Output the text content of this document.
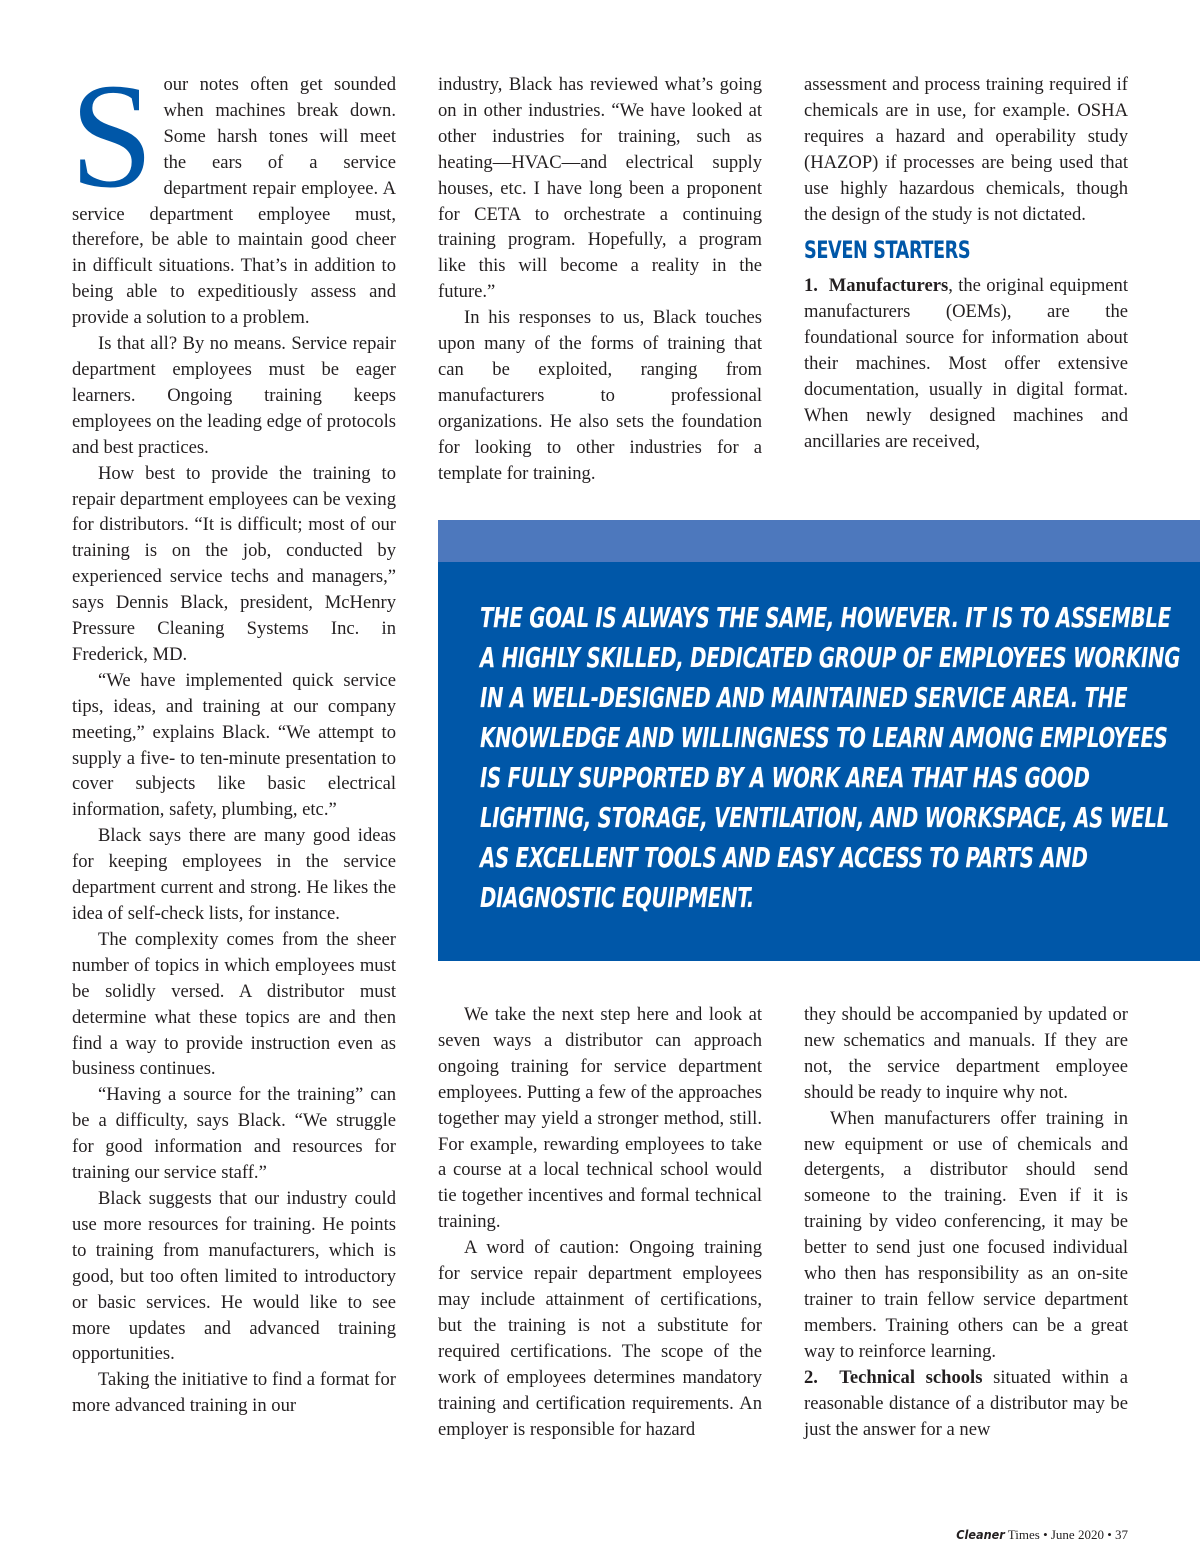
S our notes often get sounded when machines break down. Some harsh tones will meet the ears of a service department repair employee. A service department employee must, therefore, be able to maintain good cheer in difficult situations. That’s in addition to being able to expeditiously assess and provide a solution to a problem.

Is that all? By no means. Service repair department employees must be eager learners. Ongoing training keeps employees on the leading edge of protocols and best practices.

How best to provide the training to repair department employees can be vexing for distributors. “It is difficult; most of our training is on the job, conducted by experienced service techs and managers,” says Dennis Black, president, McHenry Pressure Cleaning Systems Inc. in Frederick, MD.

“We have implemented quick service tips, ideas, and training at our company meeting,” explains Black. “We attempt to supply a five- to ten-minute presentation to cover subjects like basic electrical information, safety, plumbing, etc.”

Black says there are many good ideas for keeping employees in the service department current and strong. He likes the idea of self-check lists, for instance.

The complexity comes from the sheer number of topics in which employees must be solidly versed. A distributor must determine what these topics are and then find a way to provide instruction even as business continues.

“Having a source for the training” can be a difficulty, says Black. “We struggle for good information and resources for training our service staff.”

Black suggests that our industry could use more resources for training. He points to training from manufacturers, which is good, but too often limited to introductory or basic services. He would like to see more updates and advanced training opportunities.

Taking the initiative to find a format for more advanced training in our

industry, Black has reviewed what’s going on in other industries. “We have looked at other industries for training, such as heating—HVAC—and electrical supply houses, etc. I have long been a proponent for CETA to orchestrate a continuing training program. Hopefully, a program like this will become a reality in the future.”

In his responses to us, Black touches upon many of the forms of training that can be exploited, ranging from manufacturers to professional organizations. He also sets the foundation for looking to other industries for a template for training.

assessment and process training required if chemicals are in use, for example. OSHA requires a hazard and operability study (HAZOP) if processes are being used that use highly hazardous chemicals, though the design of the study is not dictated.

SEVEN STARTERS

1. Manufacturers, the original equipment manufacturers (OEMs), are the foundational source for information about their machines. Most offer extensive documentation, usually in digital format. When newly designed machines and ancillaries are received,

THE GOAL IS ALWAYS THE SAME, HOWEVER. IT IS TO ASSEMBLE
A HIGHLY SKILLED, DEDICATED GROUP OF EMPLOYEES WORKING
IN A WELL-DESIGNED AND MAINTAINED SERVICE AREA. THE
KNOWLEDGE AND WILLINGNESS TO LEARN AMONG EMPLOYEES
IS FULLY SUPPORTED BY A WORK AREA THAT HAS GOOD
LIGHTING, STORAGE, VENTILATION, AND WORKSPACE, AS WELL
AS EXCELLENT TOOLS AND EASY ACCESS TO PARTS AND
DIAGNOSTIC EQUIPMENT.

We take the next step here and look at seven ways a distributor can approach ongoing training for service department employees. Putting a few of the approaches together may yield a stronger method, still. For example, rewarding employees to take a course at a local technical school would tie together incentives and formal technical training.

A word of caution: Ongoing training for service repair department employees may include attainment of certifications, but the training is not a substitute for required certifications. The scope of the work of employees determines mandatory training and certification requirements. An employer is responsible for hazard

they should be accompanied by updated or new schematics and manuals. If they are not, the service department employee should be ready to inquire why not.

When manufacturers offer training in new equipment or use of chemicals and detergents, a distributor should send someone to the training. Even if it is training by video conferencing, it may be better to send just one focused individual who then has responsibility as an on-site trainer to train fellow service department members. Training others can be a great way to reinforce learning.

2. Technical schools situated within a reasonable distance of a distributor may be just the answer for a new

Cleaner Times • June 2020 • 37
